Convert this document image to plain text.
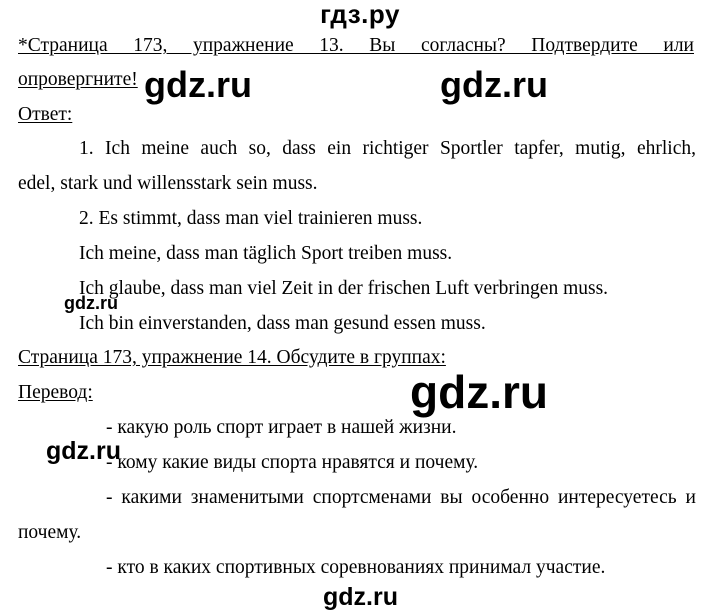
гдз.ру
*Страница 173, упражнение 13. Вы согласны? Подтвердите или
опровергните!
Ответ:
1. Ich meine auch so, dass ein richtiger Sportler tapfer, mutig, ehrlich,
edel, stark und willensstark sein muss.
2. Es stimmt, dass man viel trainieren muss.
Ich meine, dass man täglich Sport treiben muss.
Ich glaube, dass man viel Zeit in der frischen Luft verbringen muss.
Ich bin einverstanden, dass man gesund essen muss.
Страница 173, упражнение 14. Обсудите в группах:
Перевод:
- какую роль спорт играет в нашей жизни.
- кому какие виды спорта нравятся и почему.
- какими знаменитыми спортсменами вы особенно интересуетесь и
почему.
- кто в каких спортивных соревнованиях принимал участие.
gdz.ru	gdz.ru
gdz.ru
gdz.ru
gdz.ru
gdz.ru
